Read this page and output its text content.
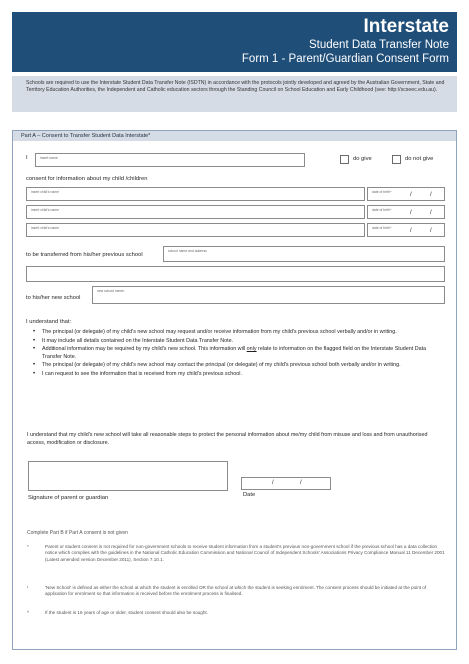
Interstate
Student Data Transfer Note
Form 1 - Parent/Guardian Consent Form
Schools are required to use the Interstate Student Data Transfer Note (ISDTN) in accordance with the protocols jointly developed and agreed by the Australian Government, State and Territory Education Authorities, the Independent and Catholic education sectors through the Standing Council on School Education and Early Childhood (see: http://scseec.edu.au).
Part A – Consent to Transfer Student Data Interstate*
I	insert name	do give	do not give
consent for information about my child /children
insert child's name	date of birth^	/	/
insert child's name	date of birth^	/	/
insert child's name	date of birth^	/	/
to be transferred from his/her previous school
school name and address
to his/her new school
new school name¹
I understand that:
• The principal (or delegate) of my child's new school may request and/or receive information from my child's previous school verbally and/or in writing.
• It may include all details contained on the Interstate Student Data Transfer Note.
• Additional information may be required by my child's new school. This information will only relate to information on the flagged field on the Interstate Student Data Transfer Note.
• The principal (or delegate) of my child's new school may contact the principal (or delegate) of my child's previous school both verbally and/or in writing.
• I can request to see the information that is received from my child's previous school.
I understand that my child's new school will take all reasonable steps to protect the personal information about me/my child from misuse and loss and from unauthorised access, modification or disclosure.
Signature of parent or guardian
/	/
Date
Complete Part B if Part A consent is not given
*	Parent or student consent is not required for non-government schools to receive student information from a student's previous non-government school if the previous school has a data collection notice which complies with the guidelines in the National Catholic Education Commission and National Council of Independent Schools' Associations Privacy Compliance Manual 11 December 2001 (Latest amended version December 2011), Section 7.10.1.
¹	'New School' is defined as either the school at which the student is enrolled OR the school at which the student is seeking enrolment. The consent process should be initiated at the point of application for enrolment so that information is received before the enrolment process is finalised.
^	If the student is 16 years of age or older, student consent should also be sought.
